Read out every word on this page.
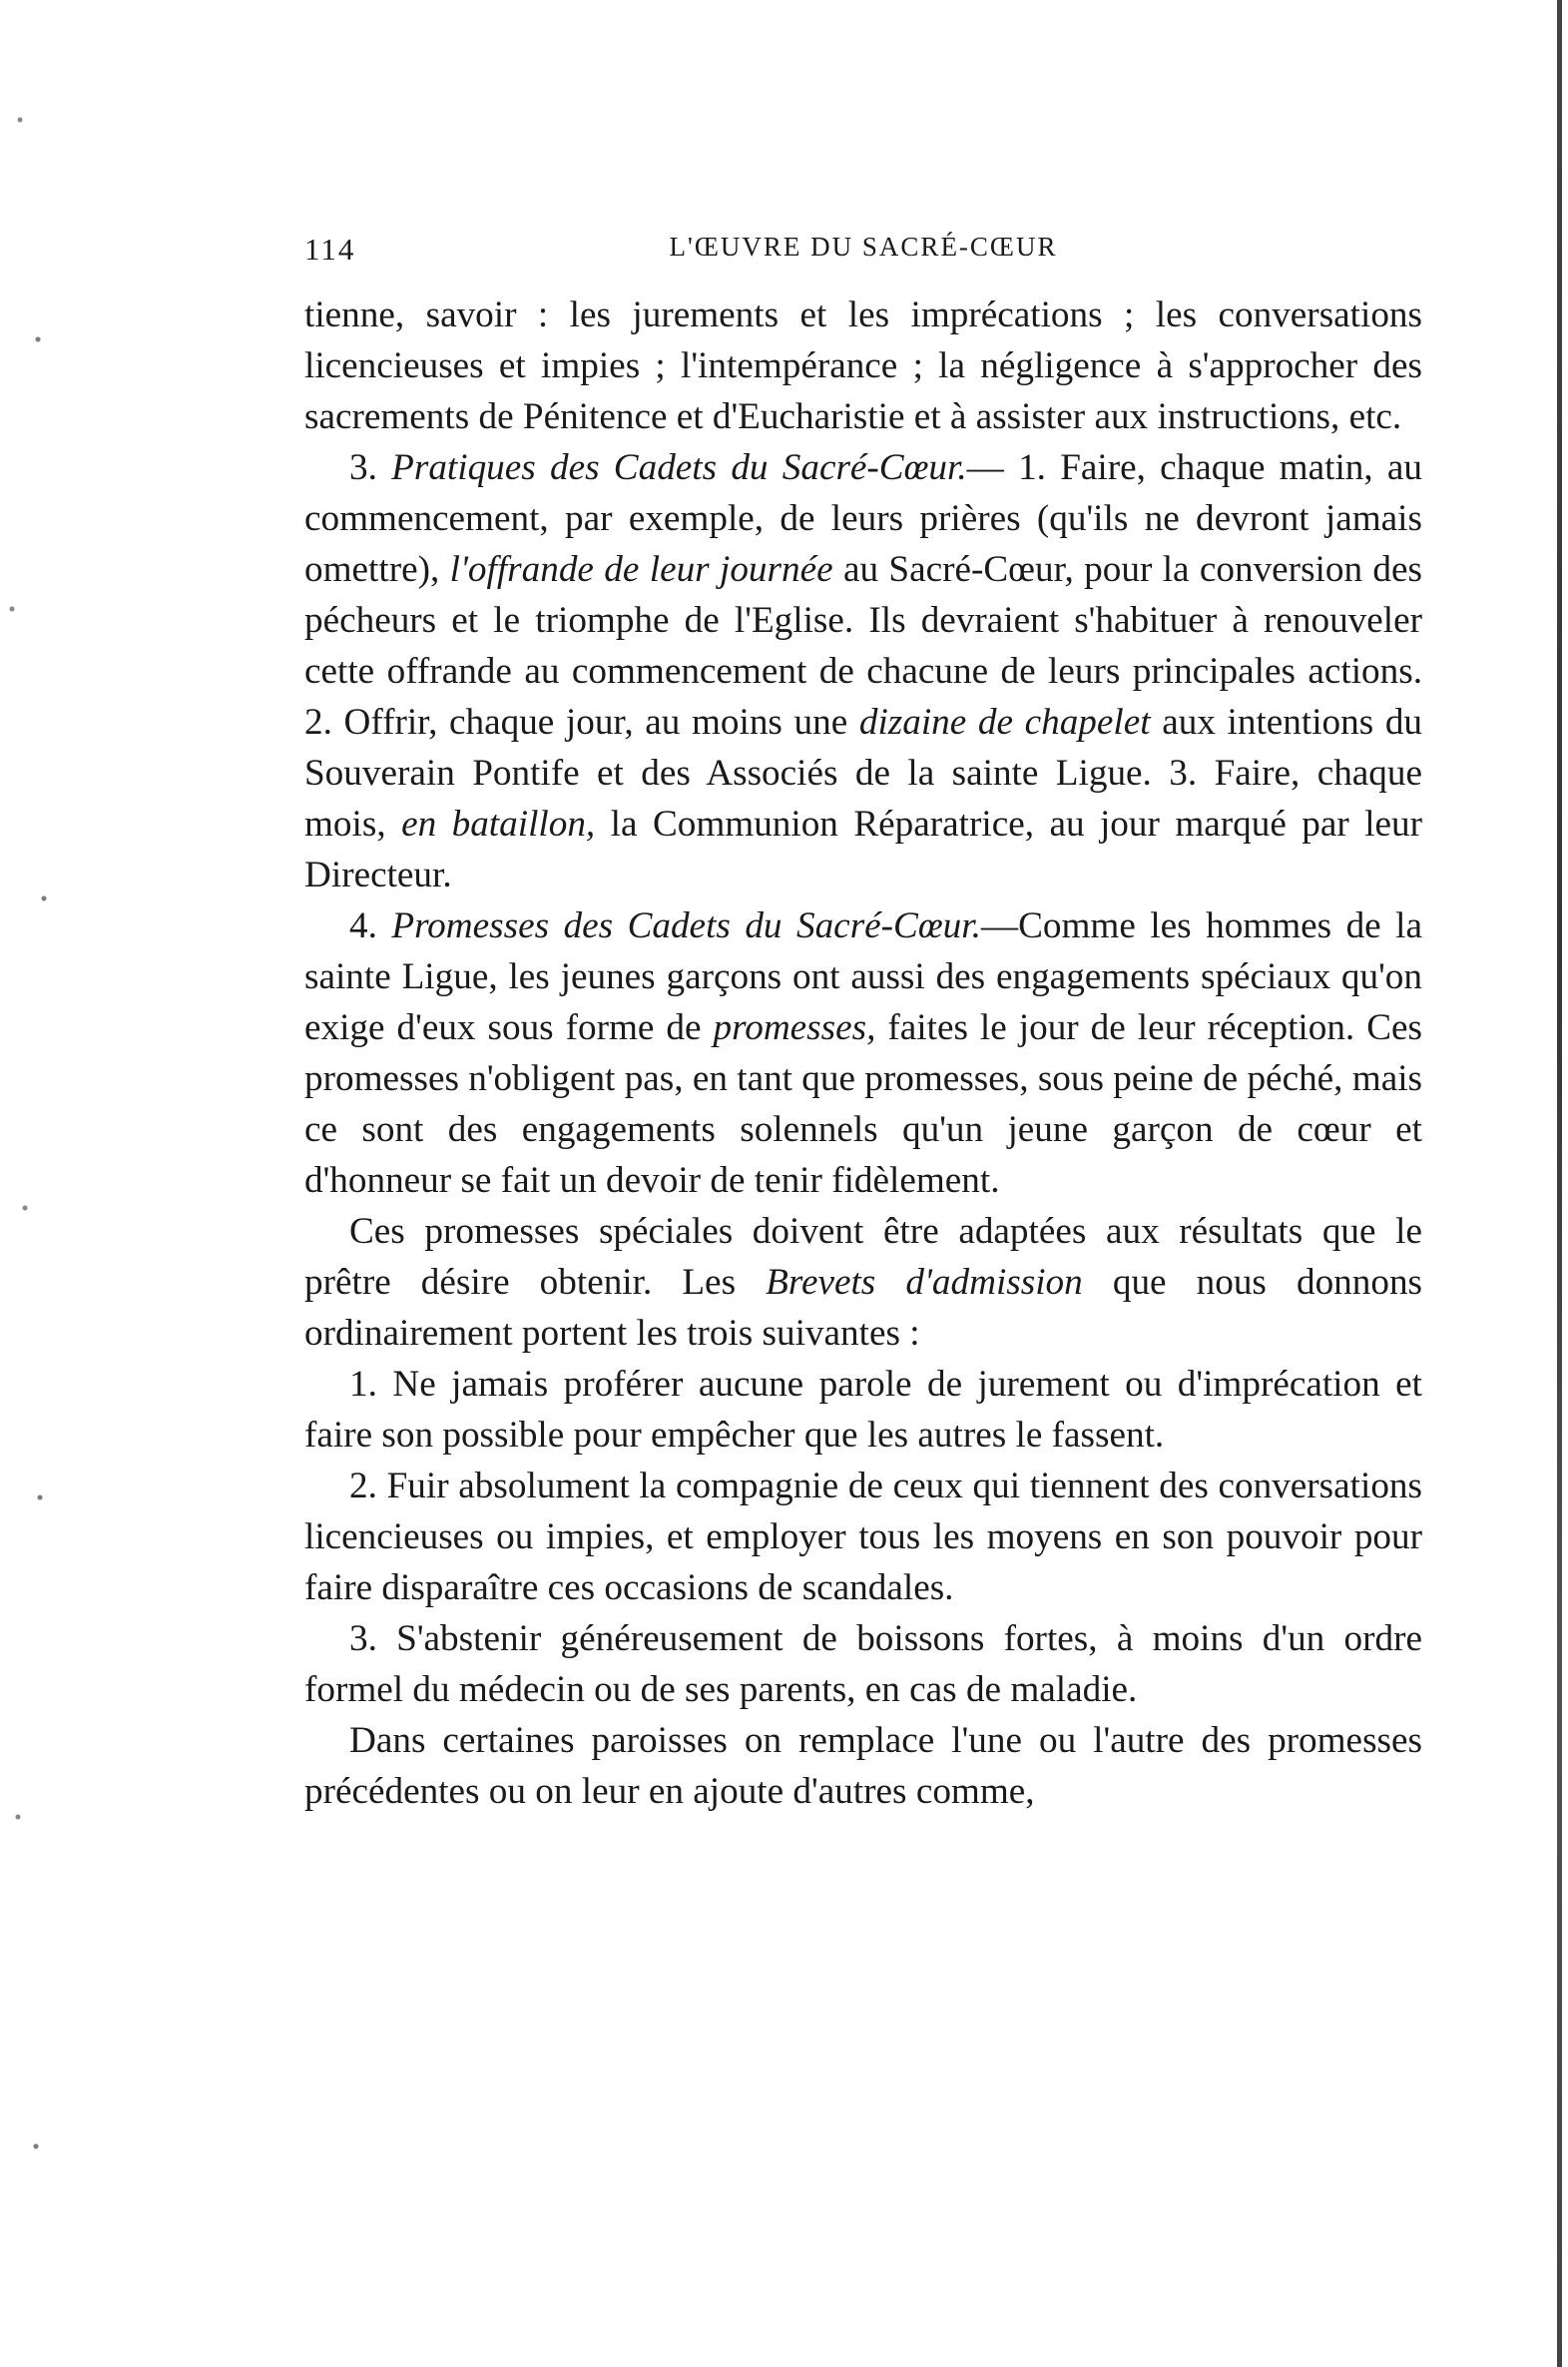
114	L'ŒUVRE DU SACRÉ-CŒUR

tienne, savoir : les jurements et les imprécations ; les conversations licencieuses et impies ; l'intempérance ; la négligence à s'approcher des sacrements de Pénitence et d'Eucharistie et à assister aux instructions, etc.

3. Pratiques des Cadets du Sacré-Cœur.— 1. Faire, chaque matin, au commencement, par exemple, de leurs prières (qu'ils ne devront jamais omettre), l'offrande de leur journée au Sacré-Cœur, pour la conversion des pécheurs et le triomphe de l'Eglise. Ils devraient s'habituer à renouveler cette offrande au commencement de chacune de leurs principales actions. 2. Offrir, chaque jour, au moins une dizaine de chapelet aux intentions du Souverain Pontife et des Associés de la sainte Ligue. 3. Faire, chaque mois, en bataillon, la Communion Réparatrice, au jour marqué par leur Directeur.

4. Promesses des Cadets du Sacré-Cœur.—Comme les hommes de la sainte Ligue, les jeunes garçons ont aussi des engagements spéciaux qu'on exige d'eux sous forme de promesses, faites le jour de leur réception. Ces promesses n'obligent pas, en tant que promesses, sous peine de péché, mais ce sont des engagements solennels qu'un jeune garçon de cœur et d'honneur se fait un devoir de tenir fidèlement.

Ces promesses spéciales doivent être adaptées aux résultats que le prêtre désire obtenir. Les Brevets d'admission que nous donnons ordinairement portent les trois suivantes :

1. Ne jamais proférer aucune parole de jurement ou d'imprécation et faire son possible pour empêcher que les autres le fassent.

2. Fuir absolument la compagnie de ceux qui tiennent des conversations licencieuses ou impies, et employer tous les moyens en son pouvoir pour faire disparaître ces occasions de scandales.

3. S'abstenir généreusement de boissons fortes, à moins d'un ordre formel du médecin ou de ses parents, en cas de maladie.

Dans certaines paroisses on remplace l'une ou l'autre des promesses précédentes ou on leur en ajoute d'autres comme,
